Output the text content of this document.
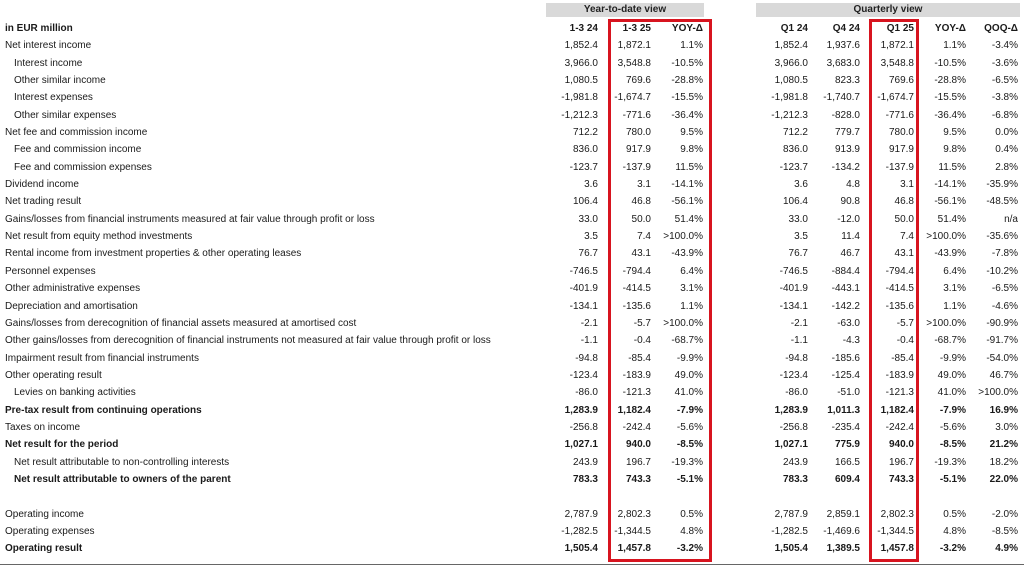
Year-to-date view	Quarterly view
in EUR million	1-3 24	1-3 25	YOY-Δ	Q1 24	Q4 24	Q1 25	YOY-Δ	QOQ-Δ
Net interest income	1,852.4	1,872.1	1.1%	1,852.4	1,937.6	1,872.1	1.1%	-3.4%
Interest income	3,966.0	3,548.8	-10.5%	3,966.0	3,683.0	3,548.8	-10.5%	-3.6%
Other similar income	1,080.5	769.6	-28.8%	1,080.5	823.3	769.6	-28.8%	-6.5%
Interest expenses	-1,981.8	-1,674.7	-15.5%	-1,981.8	-1,740.7	-1,674.7	-15.5%	-3.8%
Other similar expenses	-1,212.3	-771.6	-36.4%	-1,212.3	-828.0	-771.6	-36.4%	-6.8%
Net fee and commission income	712.2	780.0	9.5%	712.2	779.7	780.0	9.5%	0.0%
Fee and commission income	836.0	917.9	9.8%	836.0	913.9	917.9	9.8%	0.4%
Fee and commission expenses	-123.7	-137.9	11.5%	-123.7	-134.2	-137.9	11.5%	2.8%
Dividend income	3.6	3.1	-14.1%	3.6	4.8	3.1	-14.1%	-35.9%
Net trading result	106.4	46.8	-56.1%	106.4	90.8	46.8	-56.1%	-48.5%
Gains/losses from financial instruments measured at fair value through profit or loss	33.0	50.0	51.4%	33.0	-12.0	50.0	51.4%	n/a
Net result from equity method investments	3.5	7.4	>100.0%	3.5	11.4	7.4	>100.0%	-35.6%
Rental income from investment properties & other operating leases	76.7	43.1	-43.9%	76.7	46.7	43.1	-43.9%	-7.8%
Personnel expenses	-746.5	-794.4	6.4%	-746.5	-884.4	-794.4	6.4%	-10.2%
Other administrative expenses	-401.9	-414.5	3.1%	-401.9	-443.1	-414.5	3.1%	-6.5%
Depreciation and amortisation	-134.1	-135.6	1.1%	-134.1	-142.2	-135.6	1.1%	-4.6%
Gains/losses from derecognition of financial assets measured at amortised cost	-2.1	-5.7	>100.0%	-2.1	-63.0	-5.7	>100.0%	-90.9%
Other gains/losses from derecognition of financial instruments not measured at fair value through profit or loss	-1.1	-0.4	-68.7%	-1.1	-4.3	-0.4	-68.7%	-91.7%
Impairment result from financial instruments	-94.8	-85.4	-9.9%	-94.8	-185.6	-85.4	-9.9%	-54.0%
Other operating result	-123.4	-183.9	49.0%	-123.4	-125.4	-183.9	49.0%	46.7%
Levies on banking activities	-86.0	-121.3	41.0%	-86.0	-51.0	-121.3	41.0%	>100.0%
Pre-tax result from continuing operations	1,283.9	1,182.4	-7.9%	1,283.9	1,011.3	1,182.4	-7.9%	16.9%
Taxes on income	-256.8	-242.4	-5.6%	-256.8	-235.4	-242.4	-5.6%	3.0%
Net result for the period	1,027.1	940.0	-8.5%	1,027.1	775.9	940.0	-8.5%	21.2%
Net result attributable to non-controlling interests	243.9	196.7	-19.3%	243.9	166.5	196.7	-19.3%	18.2%
Net result attributable to owners of the parent	783.3	743.3	-5.1%	783.3	609.4	743.3	-5.1%	22.0%
Operating income	2,787.9	2,802.3	0.5%	2,787.9	2,859.1	2,802.3	0.5%	-2.0%
Operating expenses	-1,282.5	-1,344.5	4.8%	-1,282.5	-1,469.6	-1,344.5	4.8%	-8.5%
Operating result	1,505.4	1,457.8	-3.2%	1,505.4	1,389.5	1,457.8	-3.2%	4.9%
